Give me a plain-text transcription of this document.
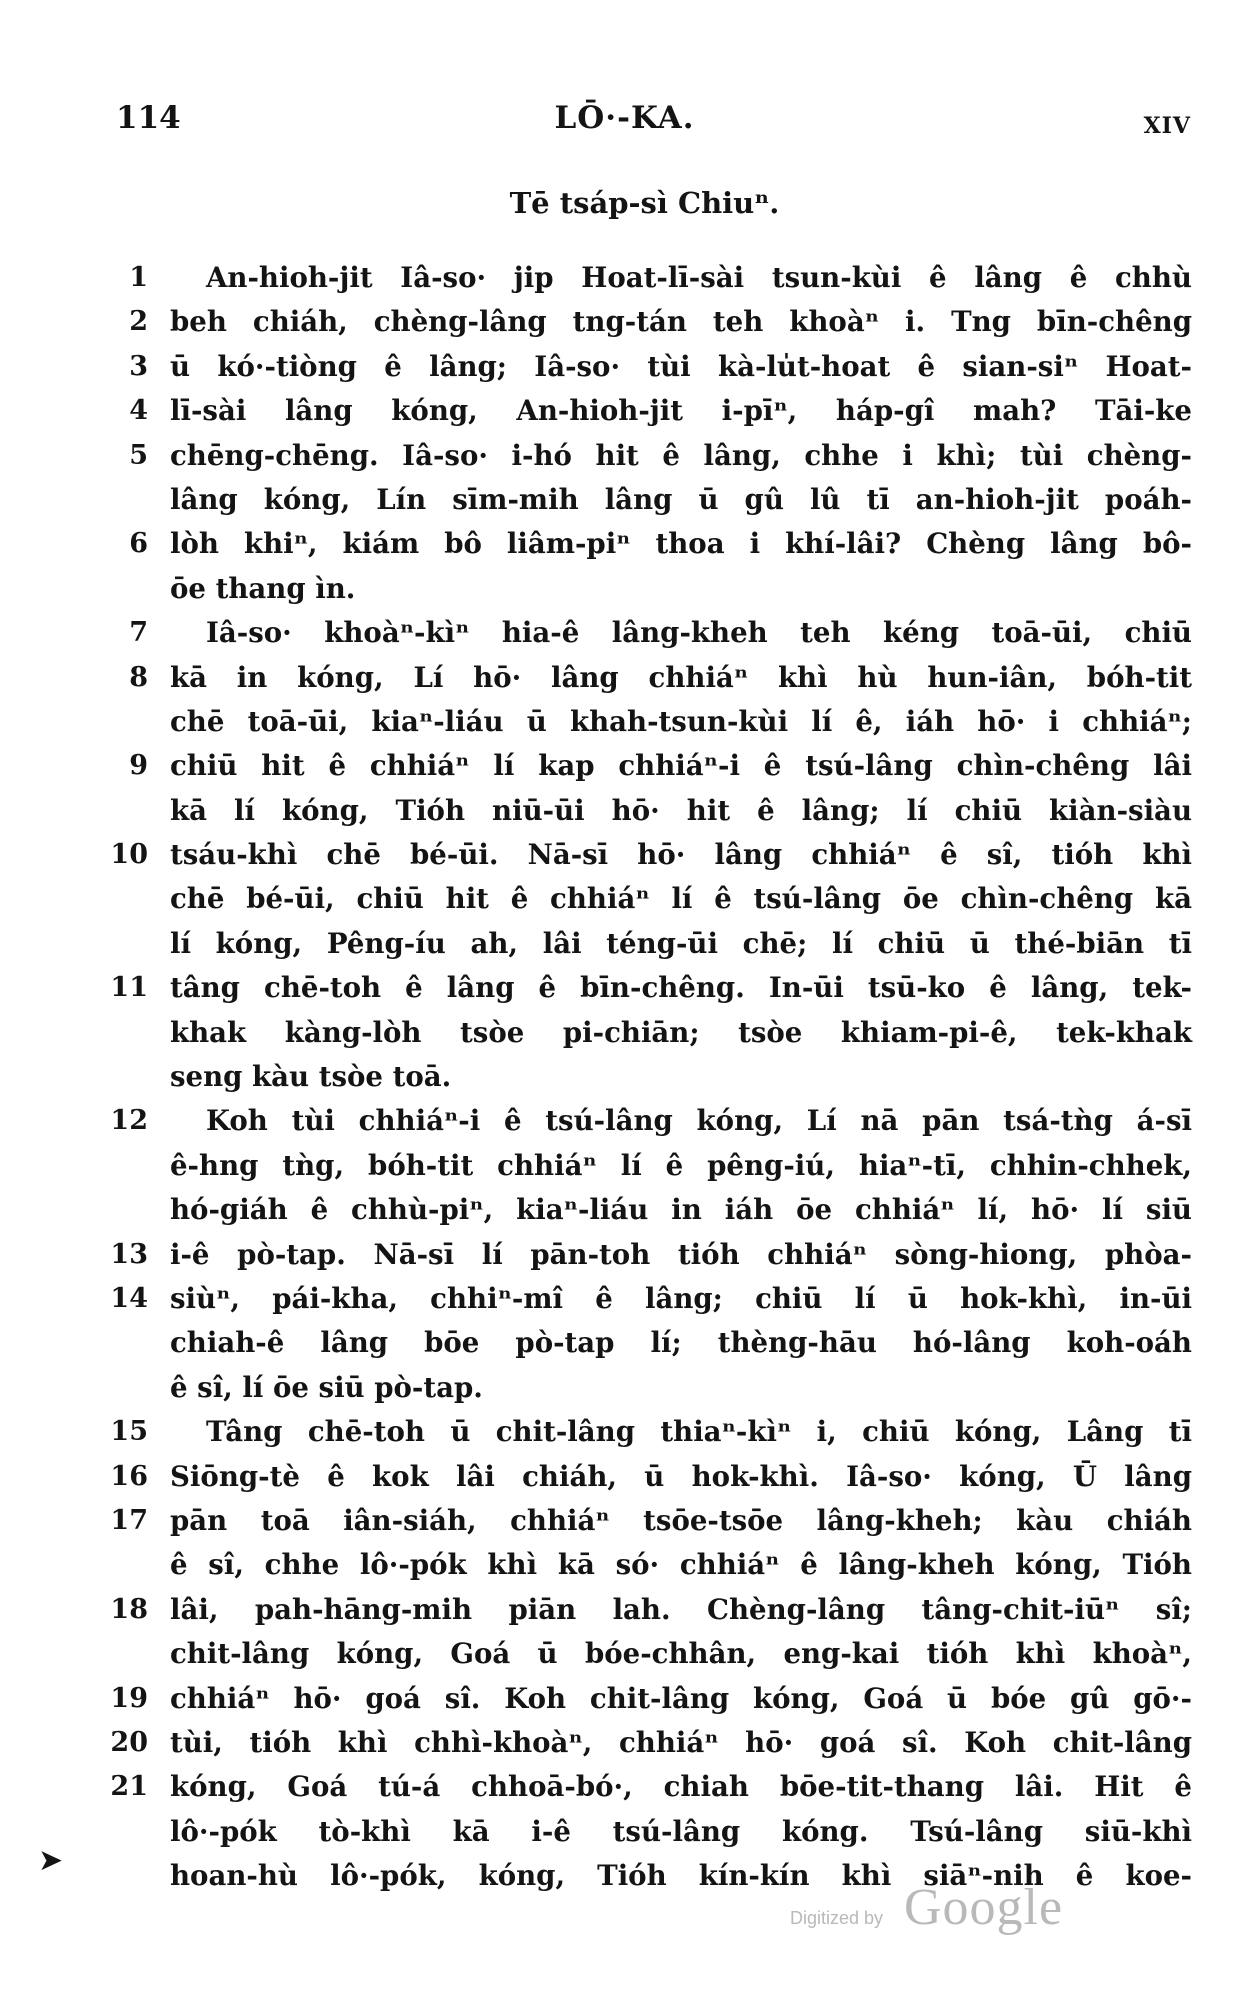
114	LŌ·-KA.	XIV
Tē tsáp-sì Chiuⁿ.
1 An-hioh-jit Iâ-so· jip Hoat-lī-sài tsun-kùi ê lâng ê chhù
2 beh chiáh, chèng-lâng tng-tán teh khoàⁿ i. Tng bīn-chêng
3 ū kó·-tiòng ê lâng; Iâ-so· tùi kà-lu̍t-hoat ê sian-siⁿ Hoat-
4 lī-sài lâng kóng, An-hioh-jit i-pīⁿ, háp-gî mah? Tāi-ke
5 chēng-chēng. Iâ-so· i-hó hit ê lâng, chhe i khì; tùi chèng-
lâng kóng, Lín sīm-mih lâng ū gû lû tī an-hioh-jit poáh-
6 lòh khiⁿ, kiám bô liâm-piⁿ thoa i khí-lâi? Chèng lâng bô-
ōe thang ìn.
7 Iâ-so· khoàⁿ-kìⁿ hia-ê lâng-kheh teh kéng toā-ūi, chiū
8 kā in kóng, Lí hō· lâng chhiáⁿ khì hù hun-iân, bóh-tit
chē toā-ūi, kiaⁿ-liáu ū khah-tsun-kùi lí ê, iáh hō· i chhiáⁿ;
9 chiū hit ê chhiáⁿ lí kap chhiáⁿ-i ê tsú-lâng chìn-chêng lâi
kā lí kóng, Tióh niū-ūi hō· hit ê lâng; lí chiū kiàn-siàu
10 tsáu-khì chē bé-ūi. Nā-sī hō· lâng chhiáⁿ ê sî, tióh khì
chē bé-ūi, chiū hit ê chhiáⁿ lí ê tsú-lâng ōe chìn-chêng kā
lí kóng, Pêng-íu ah, lâi téng-ūi chē; lí chiū ū thé-biān tī
11 tâng chē-toh ê lâng ê bīn-chêng. In-ūi tsū-ko ê lâng, tek-
khak kàng-lòh tsòe pi-chiān; tsòe khiam-pi-ê, tek-khak
seng kàu tsòe toā.
12 Koh tùi chhiáⁿ-i ê tsú-lâng kóng, Lí nā pān tsá-tǹg á-sī
ê-hng tǹg, bóh-tit chhiáⁿ lí ê pêng-iú, hiaⁿ-tī, chhin-chhek,
hó-giáh ê chhù-piⁿ, kiaⁿ-liáu in iáh ōe chhiáⁿ lí, hō· lí siū
13 i-ê pò-tap. Nā-sī lí pān-toh tióh chhiáⁿ sòng-hiong, phòa-
14 siùⁿ, pái-kha, chhiⁿ-mî ê lâng; chiū lí ū hok-khì, in-ūi
chiah-ê lâng bōe pò-tap lí; thèng-hāu hó-lâng koh-oáh
ê sî, lí ōe siū pò-tap.
15 Tâng chē-toh ū chit-lâng thiaⁿ-kìⁿ i, chiū kóng, Lâng tī
16 Siōng-tè ê kok lâi chiáh, ū hok-khì. Iâ-so· kóng, Ū lâng
17 pān toā iân-siáh, chhiáⁿ tsōe-tsōe lâng-kheh; kàu chiáh
ê sî, chhe lô·-pók khì kā só· chhiáⁿ ê lâng-kheh kóng, Tióh
18 lâi, pah-hāng-mih piān lah. Chèng-lâng tâng-chit-iūⁿ sî;
chit-lâng kóng, Goá ū bóe-chhân, eng-kai tióh khì khoàⁿ,
19 chhiáⁿ hō· goá sî. Koh chit-lâng kóng, Goá ū bóe gû gō·-
20 tùi, tióh khì chhì-khoàⁿ, chhiáⁿ hō· goá sî. Koh chit-lâng
21 kóng, Goá tú-á chhoā-bó·, chiah bōe-tit-thang lâi. Hit ê
lô·-pók tò-khì kā i-ê tsú-lâng kóng. Tsú-lâng siū-khì
hoan-hù lô·-pók, kóng, Tióh kín-kín khì siāⁿ-nih ê koe-
➤
Digitized by Google
